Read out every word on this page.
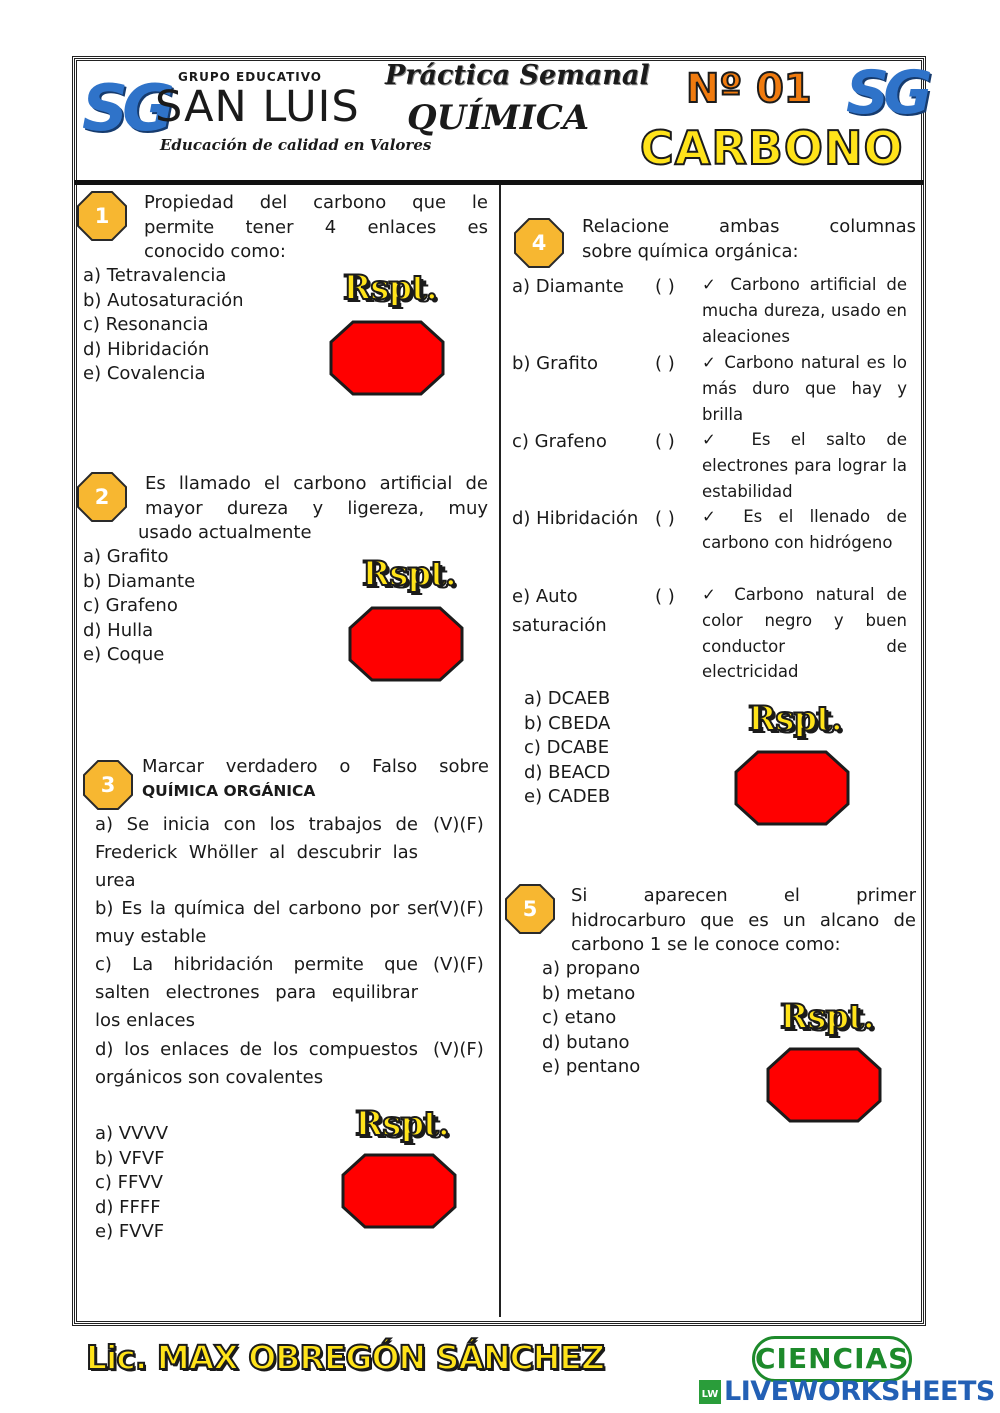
SG GRUPO EDUCATIVO
SAN LUIS
Educación de calidad en Valores
Práctica Semanal
QUÍMICA
Nº 01 SG
CARBONO
1
Propiedad del carbono que le
permite tener 4 enlaces es
conocido como:
a) Tetravalencia
b) Autosaturación
c) Resonancia
d) Hibridación
e) Covalencia
Rspt.
2
Es llamado el carbono artificial de
mayor dureza y ligereza, muy
usado actualmente
a) Grafito
b) Diamante
c) Grafeno
d) Hulla
e) Coque
Rspt.
3
Marcar verdadero o Falso sobre
QUÍMICA ORGÁNICA
a) Se inicia con los trabajos de Frederick Whöller al descubrir las urea
(V)(F)
b) Es la química del carbono por ser muy estable
(V)(F)
c) La hibridación permite que salten electrones para equilibrar los enlaces
(V)(F)
d) los enlaces de los compuestos orgánicos son covalentes
(V)(F)
a) VVVV
b) VFVF
c) FFVV
d) FFFF
e) FVVF
Rspt.
4
Relacione ambas columnas
sobre química orgánica:
a) Diamante
b) Grafito
c) Grafeno
d) Hibridación
e) Auto saturación
( )
( )
( )
( )
( )
✓ Carbono artificial de mucha dureza, usado en aleaciones
✓ Carbono natural es lo más duro que hay y brilla
✓ Es el salto de electrones para lograr la estabilidad
✓ Es el llenado de carbono con hidrógeno
✓ Carbono natural de color negro y buen conductor de electricidad
a) DCAEB
b) CBEDA
c) DCABE
d) BEACD
e) CADEB
Rspt.
5
Si aparecen el primer
hidrocarburo que es un alcano de
carbono 1 se le conoce como:
a) propano
b) metano
c) etano
d) butano
e) pentano
Rspt.
Lic. MAX OBREGÓN SÁNCHEZ	CIENCIAS
LW LIVEWORKSHEETS
